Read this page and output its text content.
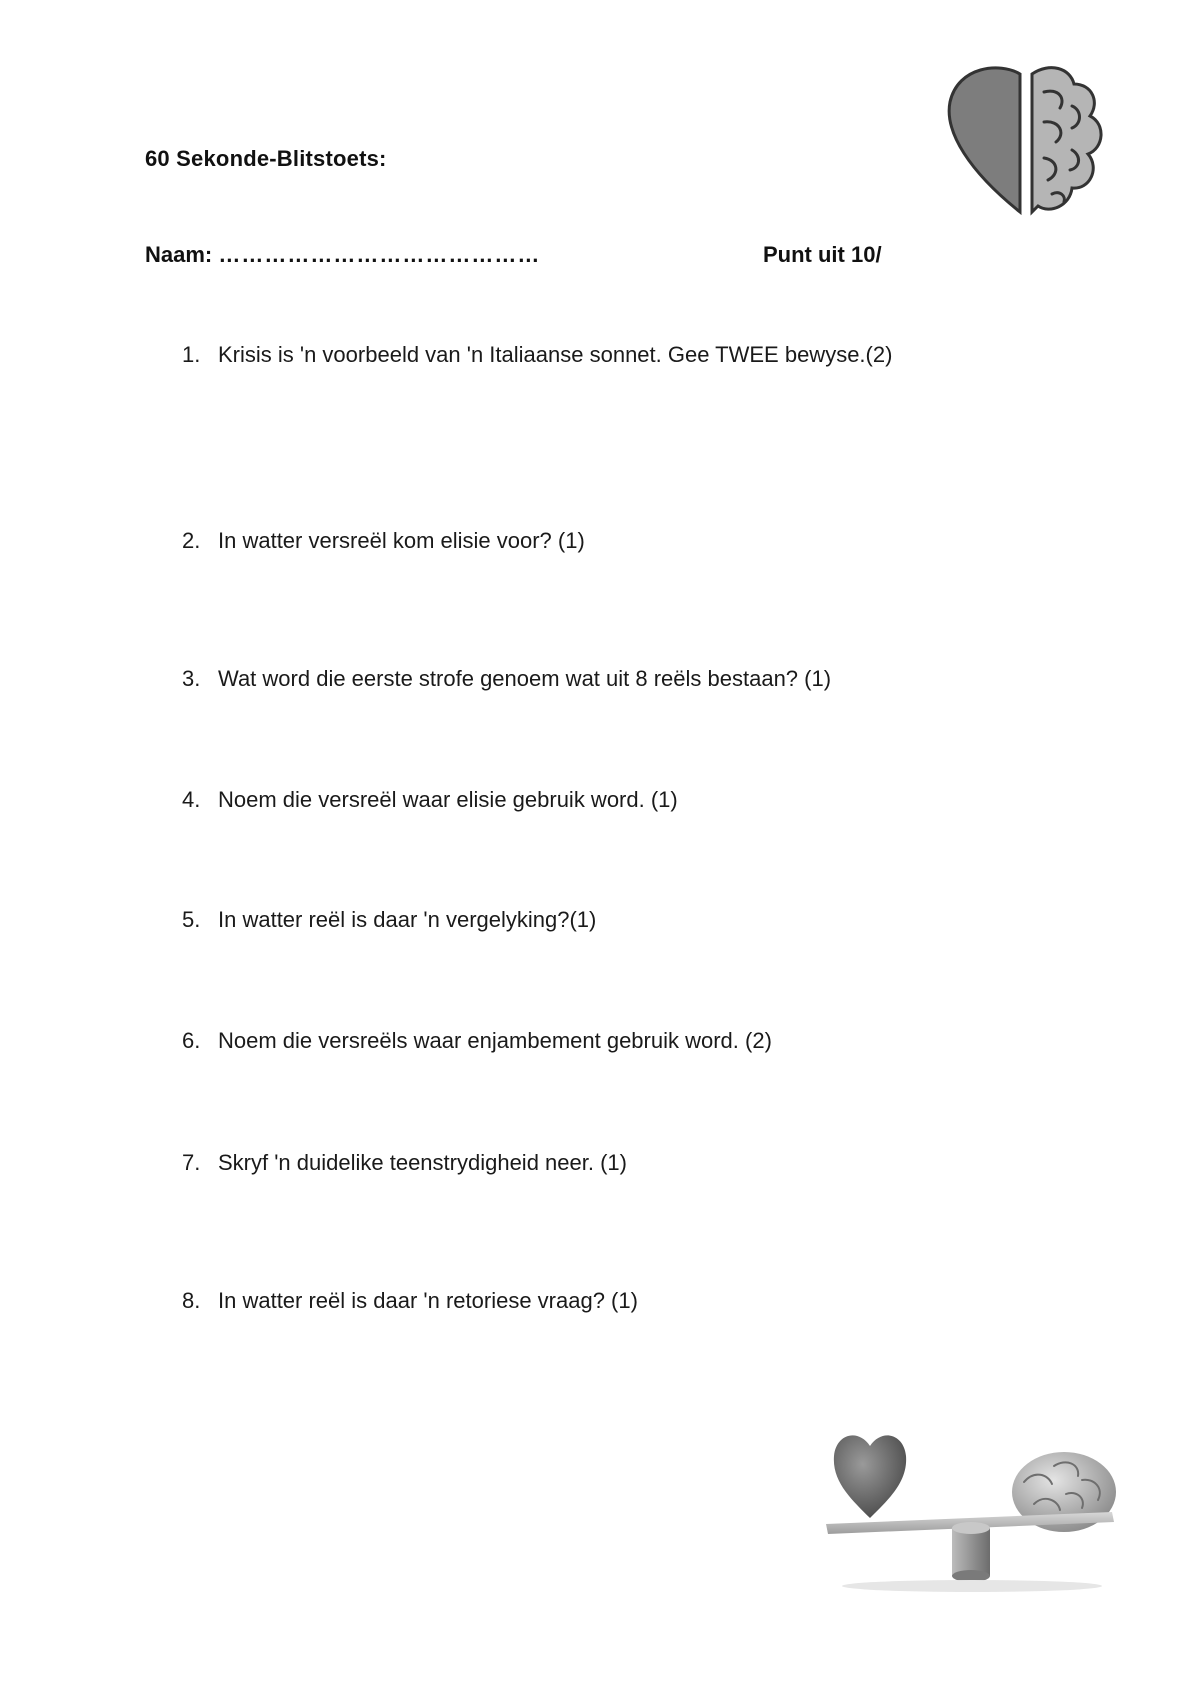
60 Sekonde-Blitstoets:
Naam: ……………………………………	Punt uit 10/
1. Krisis is 'n voorbeeld van 'n Italiaanse sonnet. Gee TWEE bewyse.(2)
2. In watter versreël kom elisie voor? (1)
3. Wat word die eerste strofe genoem wat uit 8 reëls bestaan? (1)
4. Noem die versreël waar elisie gebruik word. (1)
5. In watter reël is daar 'n vergelyking?(1)
6. Noem die versreëls waar enjambement gebruik word. (2)
7. Skryf 'n duidelike teenstrydigheid neer. (1)
8. In watter reël is daar 'n retoriese vraag? (1)
